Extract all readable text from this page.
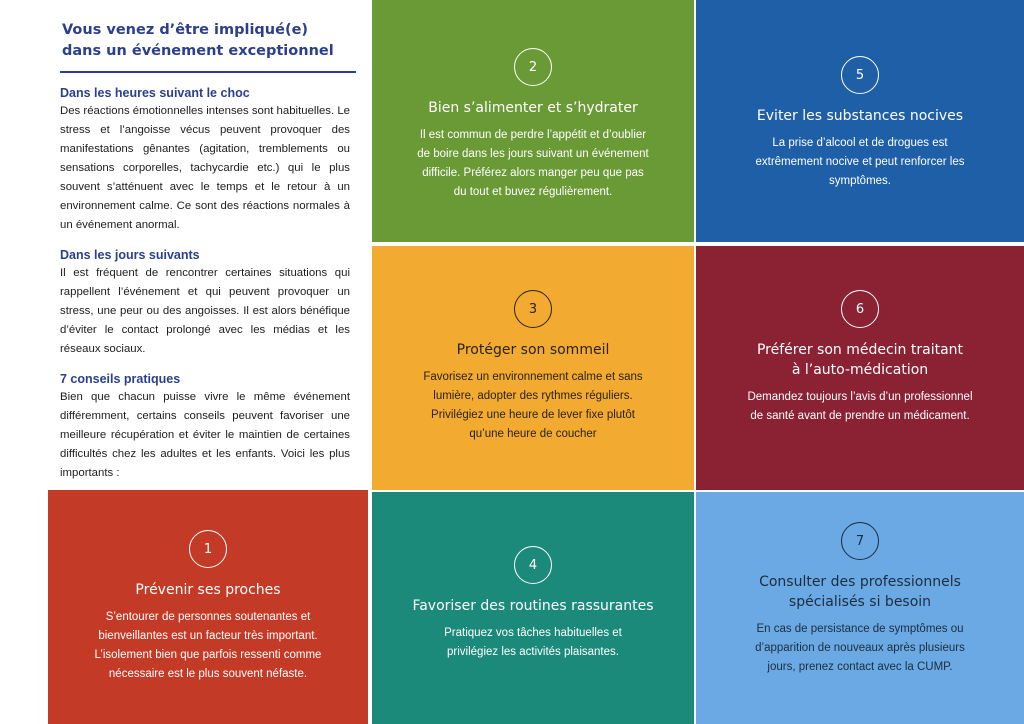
Vous venez d’être impliqué(e)
dans un événement exceptionnel
Dans les heures suivant le choc
Des réactions émotionnelles intenses sont habituelles. Le stress et l’angoisse vécus peuvent provoquer des manifestations gênantes (agitation, tremblements ou sensations corporelles, tachycardie etc.) qui le plus souvent s’atténuent avec le temps et le retour à un environnement calme. Ce sont des réactions normales à un événement anormal.
Dans les jours suivants
Il est fréquent de rencontrer certaines situations qui rappellent l’événement et qui peuvent provoquer un stress, une peur ou des angoisses. Il est alors bénéfique d’éviter le contact prolongé avec les médias et les réseaux sociaux.
7 conseils pratiques
Bien que chacun puisse vivre le même événement différemment, certains conseils peuvent favoriser une meilleure récupération et éviter le maintien de certaines difficultés chez les adultes et les enfants. Voici les plus importants :
1
Prévenir ses proches
S’entourer de personnes soutenantes et
bienveillantes est un facteur très important.
L’isolement bien que parfois ressenti comme
nécessaire est le plus souvent néfaste.
2
Bien s’alimenter et s’hydrater
Il est commun de perdre l’appétit et d’oublier
de boire dans les jours suivant un événement
difficile. Préférez alors manger peu que pas
du tout et buvez régulièrement.
3
Protéger son sommeil
Favorisez un environnement calme et sans
lumière, adopter des rythmes réguliers.
Privilégiez une heure de lever fixe plutôt
qu’une heure de coucher
4
Favoriser des routines rassurantes
Pratiquez vos tâches habituelles et
privilégiez les activités plaisantes.
5
Eviter les substances nocives
La prise d’alcool et de drogues est
extrêmement nocive et peut renforcer les
symptômes.
6
Préférer son médecin traitant
à l’auto-médication
Demandez toujours l’avis d’un professionnel
de santé avant de prendre un médicament.
7
Consulter des professionnels
spécialisés si besoin
En cas de persistance de symptômes ou
d’apparition de nouveaux après plusieurs
jours, prenez contact avec la CUMP.
